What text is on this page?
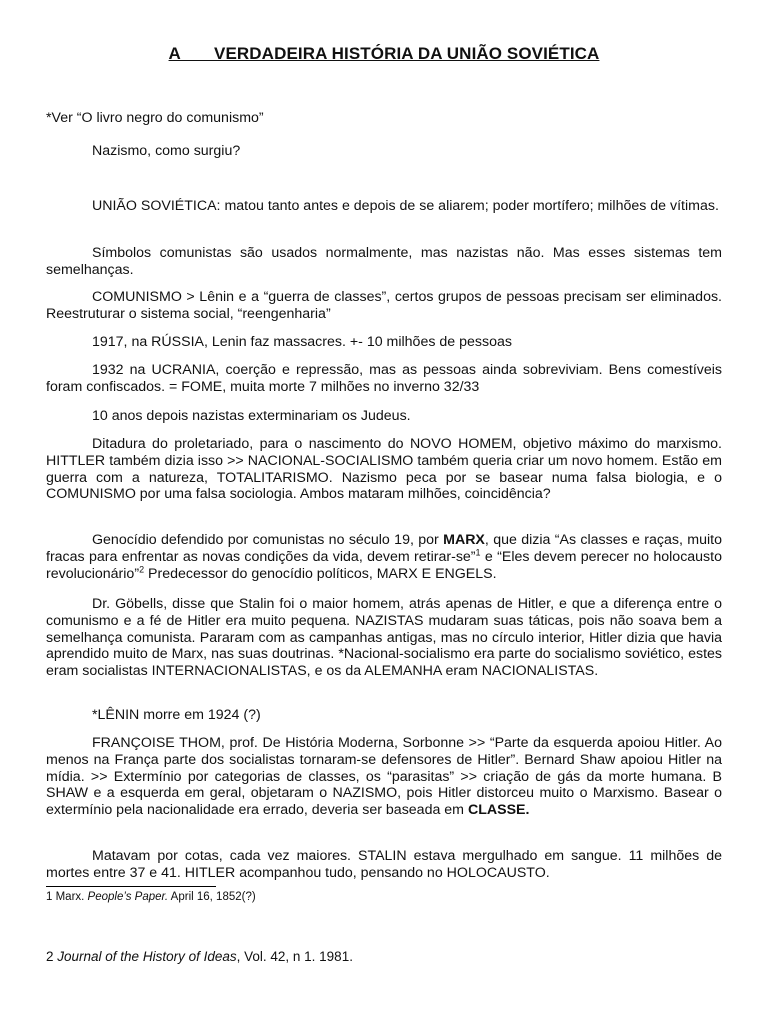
A       VERDADEIRA HISTÓRIA DA UNIÃO SOVIÉTICA
*Ver “O livro negro do comunismo”
Nazismo, como surgiu?
UNIÃO SOVIÉTICA: matou tanto antes e depois de se aliarem; poder mortífero; milhões de vítimas.
Símbolos comunistas são usados normalmente, mas nazistas não. Mas esses sistemas tem semelhanças.
COMUNISMO > Lênin e a “guerra de classes”, certos grupos de pessoas precisam ser eliminados. Reestruturar o sistema social, “reengenharia”
1917, na RÚSSIA, Lenin faz massacres. +- 10 milhões de pessoas
1932 na UCRANIA, coerção e repressão, mas as pessoas ainda sobreviviam. Bens comestíveis foram confiscados. = FOME, muita morte 7 milhões no inverno 32/33
10 anos depois nazistas exterminariam os Judeus.
Ditadura do proletariado, para o nascimento do NOVO HOMEM, objetivo máximo do marxismo. HITTLER também dizia isso >> NACIONAL-SOCIALISMO também queria criar um novo homem. Estão em guerra com a natureza, TOTALITARISMO. Nazismo peca por se basear numa falsa biologia, e o COMUNISMO por uma falsa sociologia. Ambos mataram milhões, coincidência?
Genocídio defendido por comunistas no século 19, por MARX, que dizia “As classes e raças, muito fracas para enfrentar as novas condições da vida, devem retirar-se”$^1$ e “Eles devem perecer no holocausto revolucionário”$^2$ Predecessor do genocídio políticos, MARX E ENGELS.
Dr. Göbells, disse que Stalin foi o maior homem, atrás apenas de Hitler, e que a diferença entre o comunismo e a fé de Hitler era muito pequena. NAZISTAS mudaram suas táticas, pois não soava bem a semelhança comunista. Pararam com as campanhas antigas, mas no círculo interior, Hitler dizia que havia aprendido muito de Marx, nas suas doutrinas. *Nacional-socialismo era parte do socialismo soviético, estes eram socialistas INTERNACIONALISTAS, e os da ALEMANHA eram NACIONALISTAS.
*LÊNIN morre em 1924 (?)
FRANÇOISE THOM, prof. De História Moderna, Sorbonne >> “Parte da esquerda apoiou Hitler. Ao menos na França parte dos socialistas tornaram-se defensores de Hitler”. Bernard Shaw apoiou Hitler na mídia. >> Extermínio por categorias de classes, os “parasitas” >> criação de gás da morte humana. B SHAW e a esquerda em geral, objetaram o NAZISMO, pois Hitler distorceu muito o Marxismo. Basear o extermínio pela nacionalidade era errado, deveria ser baseada em CLASSE.
Matavam por cotas, cada vez maiores. STALIN estava mergulhado em sangue. 11 milhões de mortes entre 37 e 41. HITLER acompanhou tudo, pensando no HOLOCAUSTO.
1 Marx. People’s Paper. April 16, 1852(?)
2 Journal of the History of Ideas, Vol. 42, n 1. 1981.
